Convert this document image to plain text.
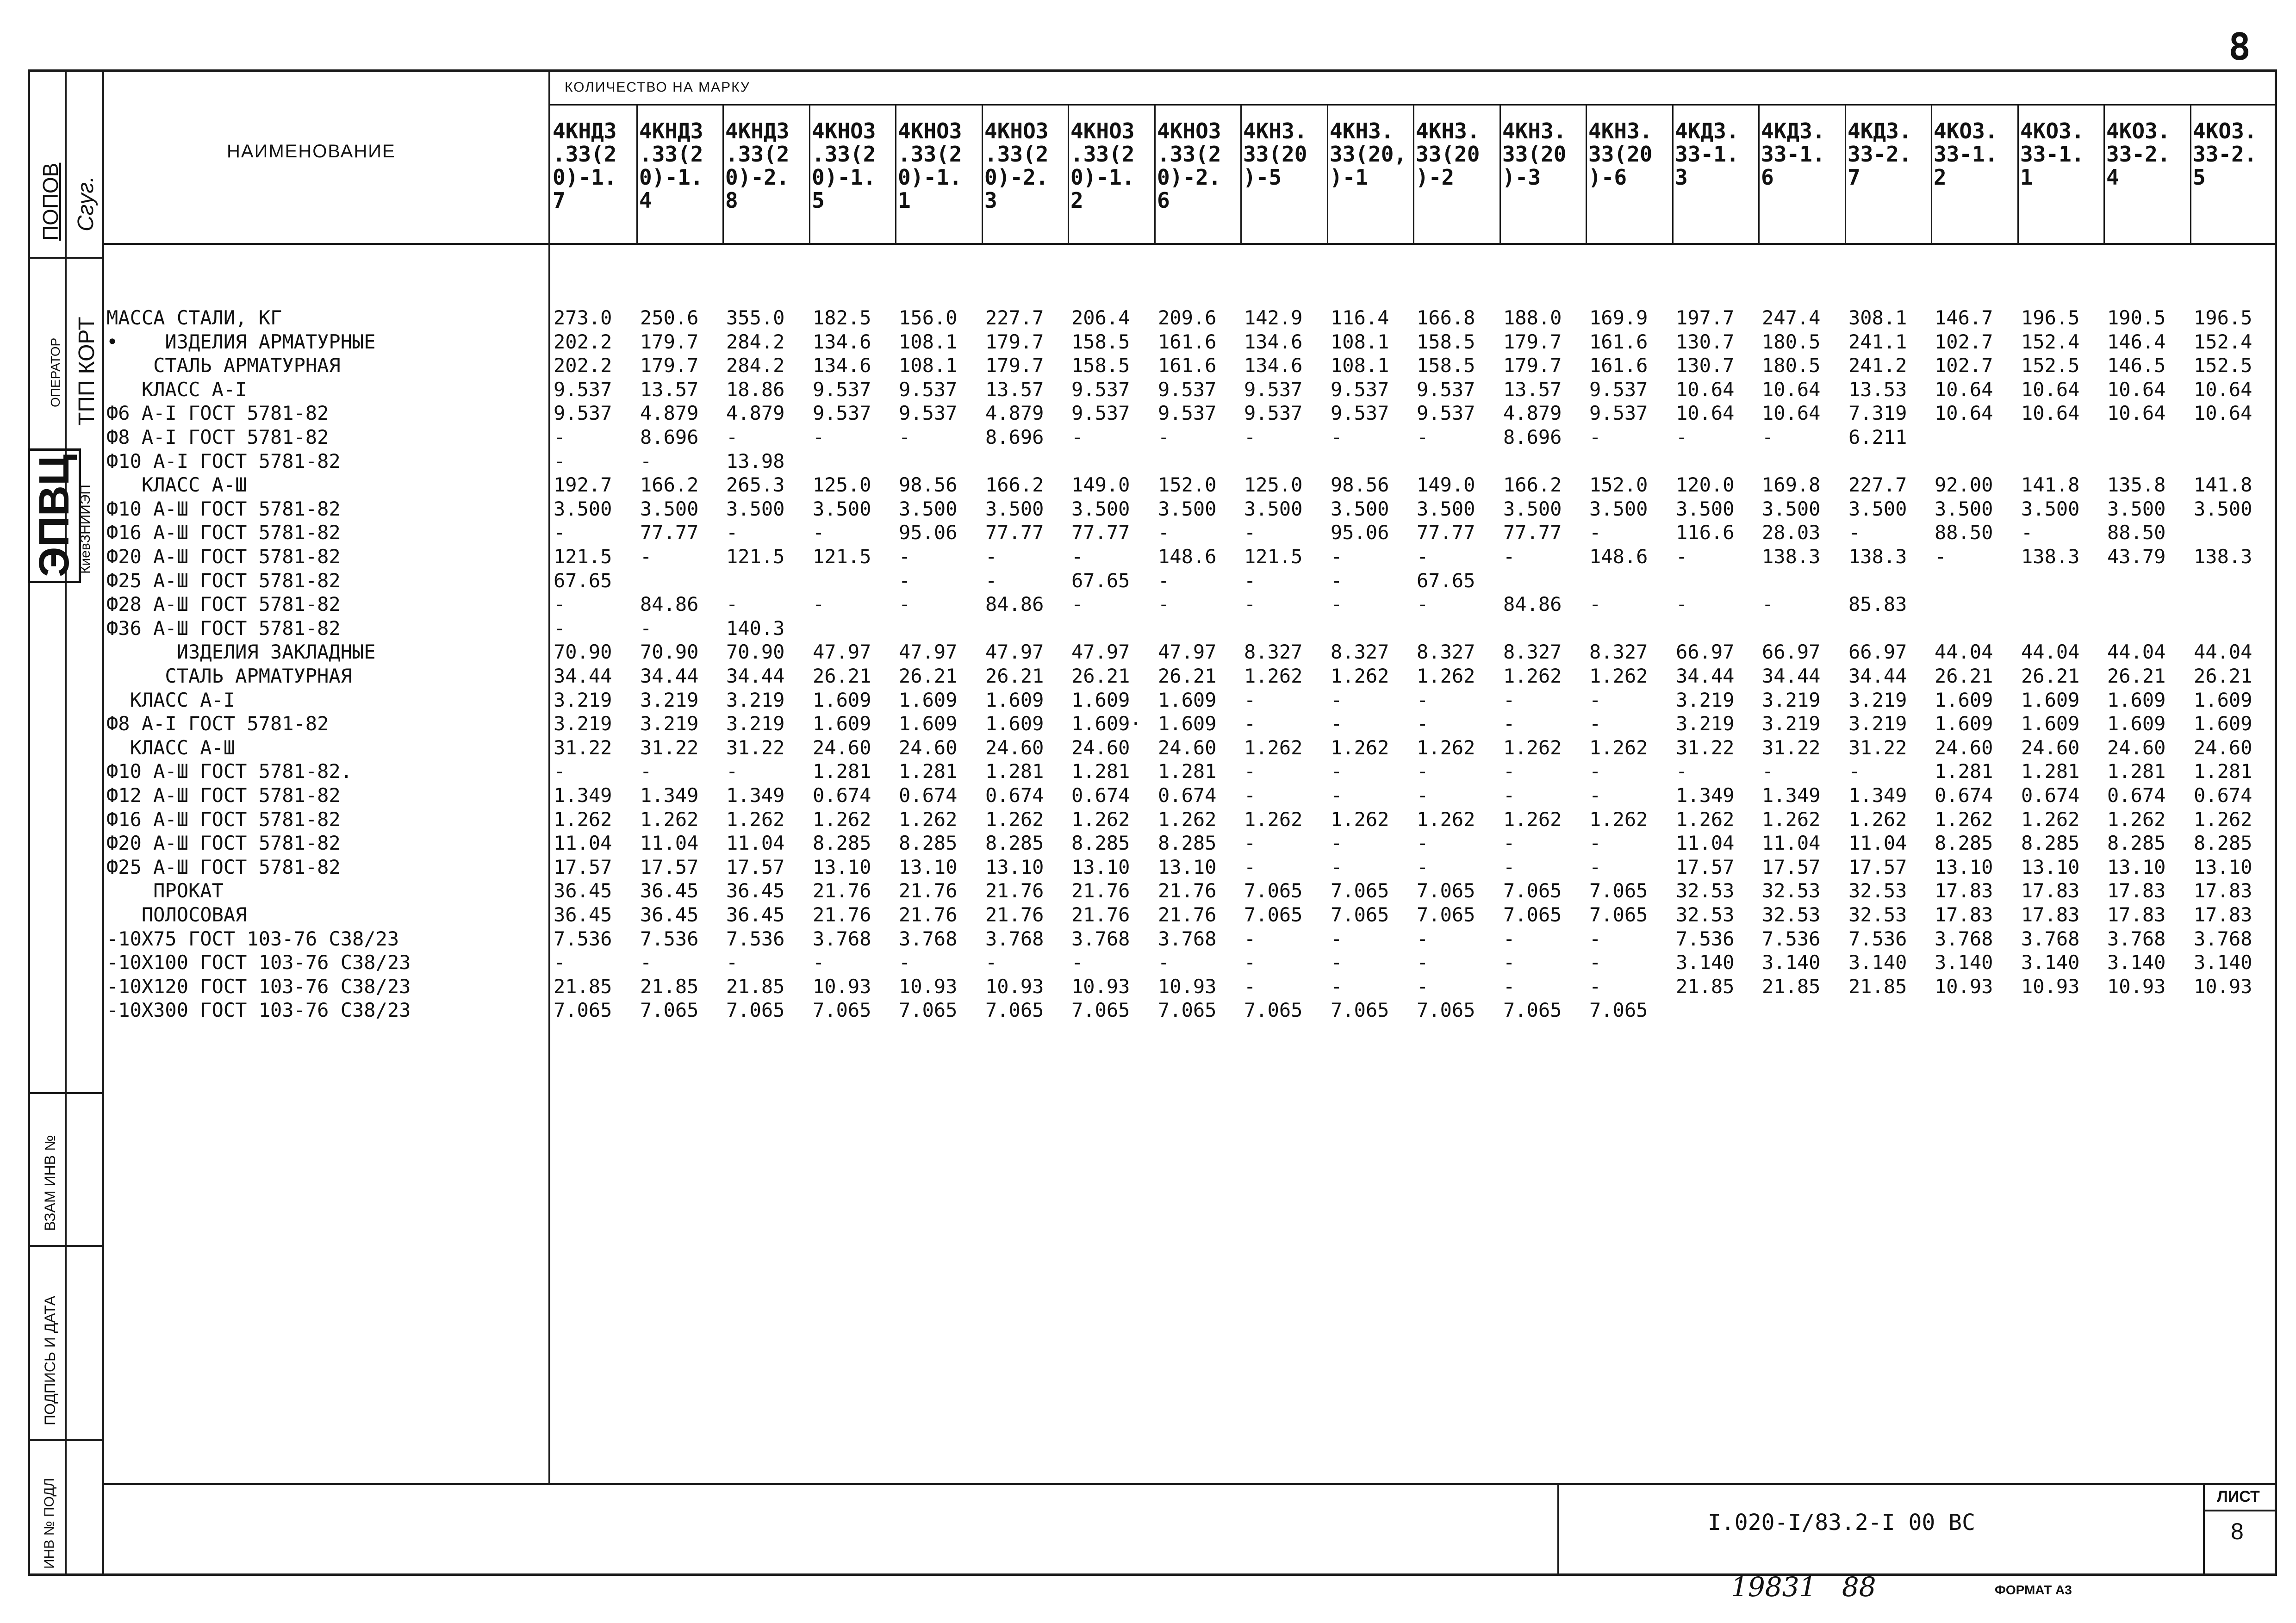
8
НАИМЕНОВАНИЕ
КОЛИЧЕСТВО НА МАРКУ
4КНД3
.33(2
0)-1.
7
4КНД3
.33(2
0)-1.
4
4КНД3
.33(2
0)-2.
8
4КНО3
.33(2
0)-1.
5
4КНО3
.33(2
0)-1.
1
4КНО3
.33(2
0)-2.
3
4КНО3
.33(2
0)-1.
2
4КНО3
.33(2
0)-2.
6
4КНЗ.
33(20
)-5
4КНЗ.
33(20,
)-1
4КНЗ.
33(20
)-2
4КНЗ.
33(20
)-3
4КНЗ.
33(20
)-6
4КДЗ.
33-1.
3
4КДЗ.
33-1.
6
4КДЗ.
33-2.
7
4КОЗ.
33-1.
2
4КОЗ.
33-1.
1
4КОЗ.
33-2.
4
4КОЗ.
33-2.
5
МАССА СТАЛИ, КГ
•    ИЗДЕЛИЯ АРМАТУРНЫЕ
СТАЛЬ АРМАТУРНАЯ
КЛАСС А-I
Ф6 А-I ГОСТ 5781-82
Ф8 А-I ГОСТ 5781-82
Ф10 А-I ГОСТ 5781-82
КЛАСС А-Ш
Ф10 А-Ш ГОСТ 5781-82
Ф16 А-Ш ГОСТ 5781-82
Ф20 А-Ш ГОСТ 5781-82
Ф25 А-Ш ГОСТ 5781-82
Ф28 А-Ш ГОСТ 5781-82
Ф36 А-Ш ГОСТ 5781-82
ИЗДЕЛИЯ ЗАКЛАДНЫЕ
СТАЛЬ АРМАТУРНАЯ
КЛАСС А-I
Ф8 А-I ГОСТ 5781-82
КЛАСС А-Ш
Ф10 А-Ш ГОСТ 5781-82.
Ф12 А-Ш ГОСТ 5781-82
Ф16 А-Ш ГОСТ 5781-82
Ф20 А-Ш ГОСТ 5781-82
Ф25 А-Ш ГОСТ 5781-82
ПРОКАТ
ПОЛОСОВАЯ
-10Х75 ГОСТ 103-76 С38/23
-10Х100 ГОСТ 103-76 С38/23
-10Х120 ГОСТ 103-76 С38/23
-10Х300 ГОСТ 103-76 С38/23
273.0
202.2
202.2
9.537
9.537
-
-
192.7
3.500
-
121.5
67.65
-
-
70.90
34.44
3.219
3.219
31.22
-
1.349
1.262
11.04
17.57
36.45
36.45
7.536
-
21.85
7.065
250.6
179.7
179.7
13.57
4.879
8.696
-
166.2
3.500
77.77
-
84.86
-
70.90
34.44
3.219
3.219
31.22
-
1.349
1.262
11.04
17.57
36.45
36.45
7.536
-
21.85
7.065
355.0
284.2
284.2
18.86
4.879
-
13.98
265.3
3.500
-
121.5
-
140.3
70.90
34.44
3.219
3.219
31.22
-
1.349
1.262
11.04
17.57
36.45
36.45
7.536
-
21.85
7.065
182.5
134.6
134.6
9.537
9.537
-
125.0
3.500
-
121.5
-
47.97
26.21
1.609
1.609
24.60
1.281
0.674
1.262
8.285
13.10
21.76
21.76
3.768
-
10.93
7.065
156.0
108.1
108.1
9.537
9.537
-
98.56
3.500
95.06
-
-
-
47.97
26.21
1.609
1.609
24.60
1.281
0.674
1.262
8.285
13.10
21.76
21.76
3.768
-
10.93
7.065
227.7
179.7
179.7
13.57
4.879
8.696
166.2
3.500
77.77
-
-
84.86
47.97
26.21
1.609
1.609
24.60
1.281
0.674
1.262
8.285
13.10
21.76
21.76
3.768
-
10.93
7.065
206.4
158.5
158.5
9.537
9.537
-
149.0
3.500
77.77
-
67.65
-
47.97
26.21
1.609
1.609·
24.60
1.281
0.674
1.262
8.285
13.10
21.76
21.76
3.768
-
10.93
7.065
209.6
161.6
161.6
9.537
9.537
-
152.0
3.500
-
148.6
-
-
47.97
26.21
1.609
1.609
24.60
1.281
0.674
1.262
8.285
13.10
21.76
21.76
3.768
-
10.93
7.065
142.9
134.6
134.6
9.537
9.537
-
125.0
3.500
-
121.5
-
-
8.327
1.262
-
-
1.262
-
-
1.262
-
-
7.065
7.065
-
-
-
7.065
116.4
108.1
108.1
9.537
9.537
-
98.56
3.500
95.06
-
-
-
8.327
1.262
-
-
1.262
-
-
1.262
-
-
7.065
7.065
-
-
-
7.065
166.8
158.5
158.5
9.537
9.537
-
149.0
3.500
77.77
-
67.65
-
8.327
1.262
-
-
1.262
-
-
1.262
-
-
7.065
7.065
-
-
-
7.065
188.0
179.7
179.7
13.57
4.879
8.696
166.2
3.500
77.77
-
84.86
8.327
1.262
-
-
1.262
-
-
1.262
-
-
7.065
7.065
-
-
-
7.065
169.9
161.6
161.6
9.537
9.537
-
152.0
3.500
-
148.6
-
8.327
1.262
-
-
1.262
-
-
1.262
-
-
7.065
7.065
-
-
-
7.065
197.7
130.7
130.7
10.64
10.64
-
120.0
3.500
116.6
-
-
66.97
34.44
3.219
3.219
31.22
-
1.349
1.262
11.04
17.57
32.53
32.53
7.536
3.140
21.85
247.4
180.5
180.5
10.64
10.64
-
169.8
3.500
28.03
138.3
-
66.97
34.44
3.219
3.219
31.22
-
1.349
1.262
11.04
17.57
32.53
32.53
7.536
3.140
21.85
308.1
241.1
241.2
13.53
7.319
6.211
227.7
3.500
-
138.3
85.83
66.97
34.44
3.219
3.219
31.22
-
1.349
1.262
11.04
17.57
32.53
32.53
7.536
3.140
21.85
146.7
102.7
102.7
10.64
10.64
92.00
3.500
88.50
-
44.04
26.21
1.609
1.609
24.60
1.281
0.674
1.262
8.285
13.10
17.83
17.83
3.768
3.140
10.93
196.5
152.4
152.5
10.64
10.64
141.8
3.500
-
138.3
44.04
26.21
1.609
1.609
24.60
1.281
0.674
1.262
8.285
13.10
17.83
17.83
3.768
3.140
10.93
190.5
146.4
146.5
10.64
10.64
135.8
3.500
88.50
43.79
44.04
26.21
1.609
1.609
24.60
1.281
0.674
1.262
8.285
13.10
17.83
17.83
3.768
3.140
10.93
196.5
152.4
152.5
10.64
10.64
141.8
3.500
138.3
44.04
26.21
1.609
1.609
24.60
1.281
0.674
1.262
8.285
13.10
17.83
17.83
3.768
3.140
10.93
ПОПОВ Сгуг.
ОПЕРАТОР ТПП КОРТ
ЭПВЦ КиевЗНИИЭП
ВЗАМ ИНВ №
ПОДПИСЬ И ДАТА
ИНВ № ПОДЛ	I.020-I/83.2-I 00 ВС
ЛИСТ
8
ФОРМАТ А3
19831   88
